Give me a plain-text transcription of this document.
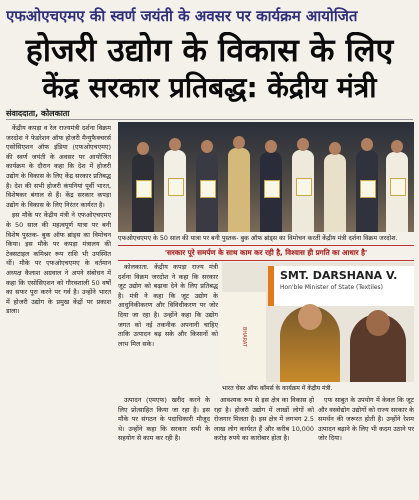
एफओएचएमए की स्वर्ण जयंती के अवसर पर कार्यक्रम आयोजित
होजरी उद्योग के विकास के लिए
केंद्र सरकार प्रतिबद्ध: केंद्रीय मंत्री
संवाददाता, कोलकाता

केंद्रीय कपड़ा व रेल राज्यमंत्री दर्शना विक्रम जरदोश ने फेडरेशन ऑफ होजरी मैन्युफैक्चरर्स एसोसिएशन ऑफ इंडिया (एफओएचएमए) की स्वर्ण जयंती के अवसर पर आयोजित कार्यक्रम के दौरान कहा कि देश में होजरी उद्योग के विकास के लिए केंद्र सरकार प्रतिबद्ध है। देश की सभी होजरी कंपनियां पूर्वी भारत, विशेषकर बंगाल से हैं। केंद्र सरकार कपड़ा उद्योग के विकास के लिए निरंतर कार्यरत है।

इस मौके पर केंद्रीय मंत्री ने एफओएचएमए के 50 साल की महत्वपूर्ण यात्रा पर बनी विशेष पुस्तक- बुक ऑफ ब्रांड्स का विमोचन किया। इस मौके पर कपड़ा मंत्रालय की टेक्सटाइल कमिश्नर रूप राशि भी उपस्थित थीं। मौके पर एफओएचएमए के वर्तमान अध्यक्ष कैलाश अग्रवाल ने अपने संबोधन में कहा कि एसोसिएशन को गौरवशाली 50 वर्षों का सफर पूरा करने पर गर्व है। उन्होंने भारत में होजरी उद्योग के प्रमुख केंद्रों पर प्रकाश डाला।

एफओएचएमए के 50 साल की यात्रा पर बनी पुस्तक- बुक ऑफ ब्रांड्स का विमोचन करतीं केंद्रीय मंत्री दर्शना विक्रम जरदोश.
'सरकार पूरे समर्पण के साथ काम कर रही है, विश्वास ही प्रगति का आधार है'

कोलकाता. केंद्रीय कपड़ा राज्य मंत्री दर्शना विक्रम जरदोश ने कहा कि सरकार जूट उद्योग को बढ़ावा देने के लिए प्रतिबद्ध है। मंत्री ने कहा कि जूट उद्योग के आधुनिकीकरण और विविधीकरण पर जोर दिया जा रहा है। उन्होंने कहा कि उद्योग जगत को नई तकनीक अपनानी चाहिए ताकि उत्पादन बढ़ सके और किसानों को लाभ मिल सके।	BHARAT
SMT. DARSHANA V.
Hon'ble Minister of State (Textiles)
भारत चेंबर ऑफ कॉमर्स के कार्यक्रम में केंद्रीय मंत्री.

उत्पादन (एमएफ) खरीद करने के लिए प्रोत्साहित किया जा रहा है। इस मौके पर संगठन के पदाधिकारी मौजूद थे। उन्होंने कहा कि सरकार सभी के सहयोग से काम कर रही है।

आवश्यक रूप से इस क्षेत्र का विकास हो रहा है। होजरी उद्योग में लाखों लोगों को रोजगार मिलता है। इस क्षेत्र में लगभग 2.5 लाख लोग कार्यरत हैं और करीब 10,000 करोड़ रुपये का कारोबार होता है।

एफ साबुत के उपयोग में केवल कि जूट और वस्त्रोद्योग उद्योगों को राज्य सरकार के समर्थन की जरूरत होती है। उन्होंने रेशम उत्पादन बढ़ाने के लिए भी कदम उठाने पर जोर दिया।
